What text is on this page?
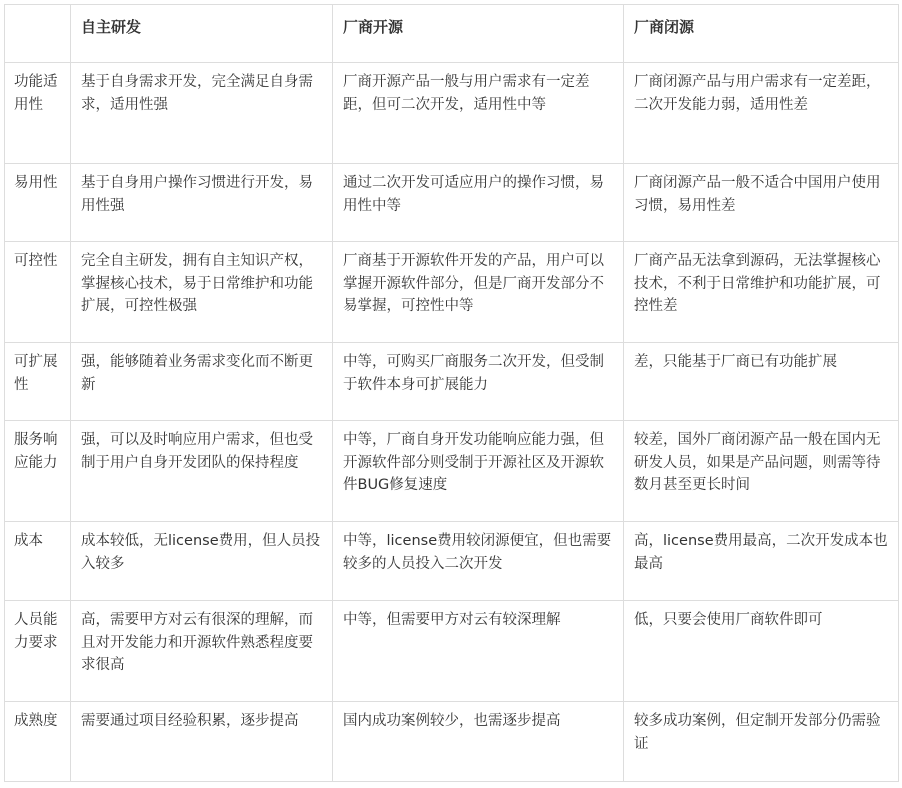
	自主研发	厂商开源	厂商闭源
功能适用性	基于自身需求开发，完全满足自身需求，适用性强	厂商开源产品一般与用户需求有一定差距，但可二次开发，适用性中等	厂商闭源产品与用户需求有一定差距，二次开发能力弱，适用性差
易用性	基于自身用户操作习惯进行开发，易用性强	通过二次开发可适应用户的操作习惯，易用性中等	厂商闭源产品一般不适合中国用户使用习惯，易用性差
可控性	完全自主研发，拥有自主知识产权，掌握核心技术，易于日常维护和功能扩展，可控性极强	厂商基于开源软件开发的产品，用户可以掌握开源软件部分，但是厂商开发部分不易掌握，可控性中等	厂商产品无法拿到源码，无法掌握核心技术，不利于日常维护和功能扩展，可控性差
可扩展性	强，能够随着业务需求变化而不断更新	中等，可购买厂商服务二次开发，但受制于软件本身可扩展能力	差，只能基于厂商已有功能扩展
服务响应能力	强，可以及时响应用户需求，但也受制于用户自身开发团队的保持程度	中等，厂商自身开发功能响应能力强，但开源软件部分则受制于开源社区及开源软件BUG修复速度	较差，国外厂商闭源产品一般在国内无研发人员，如果是产品问题，则需等待数月甚至更长时间
成本	成本较低，无license费用，但人员投入较多	中等，license费用较闭源便宜，但也需要较多的人员投入二次开发	高，license费用最高，二次开发成本也最高
人员能力要求	高，需要甲方对云有很深的理解，而且对开发能力和开源软件熟悉程度要求很高	中等，但需要甲方对云有较深理解	低，只要会使用厂商软件即可
成熟度	需要通过项目经验积累，逐步提高	国内成功案例较少，也需逐步提高	较多成功案例，但定制开发部分仍需验证
